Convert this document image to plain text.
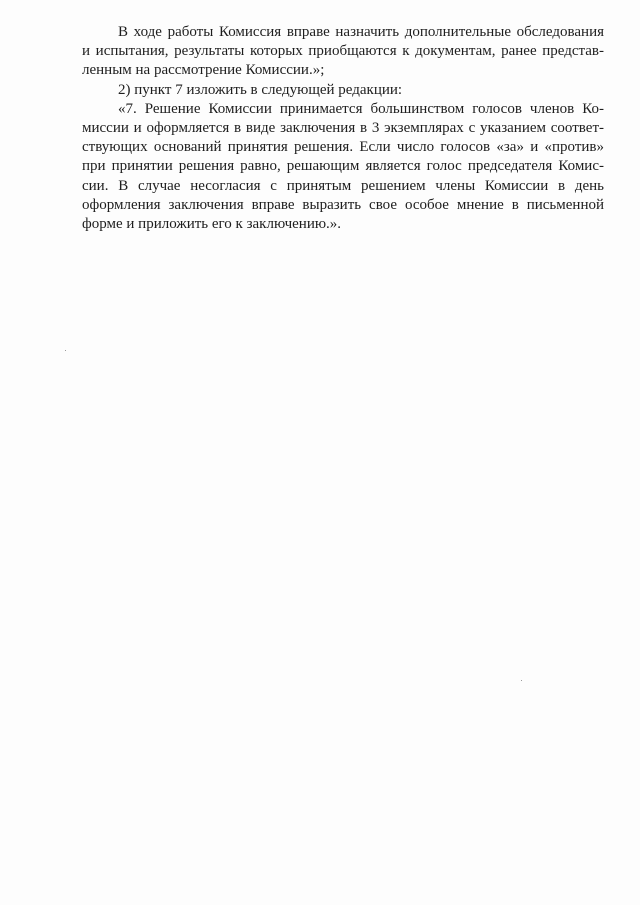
В ходе работы Комиссия вправе назначить дополнительные обследования
и испытания, результаты которых приобщаются к документам, ранее представ-
ленным на рассмотрение Комиссии.»;

2) пункт 7 изложить в следующей редакции:

«7. Решение Комиссии принимается большинством голосов членов Ко-
миссии и оформляется в виде заключения в 3 экземплярах с указанием соответ-
ствующих оснований принятия решения. Если число голосов «за» и «против»
при принятии решения равно, решающим является голос председателя Комис-
сии. В случае несогласия с принятым решением члены Комиссии в день
оформления заключения вправе выразить свое особое мнение в письменной
форме и приложить его к заключению.».
